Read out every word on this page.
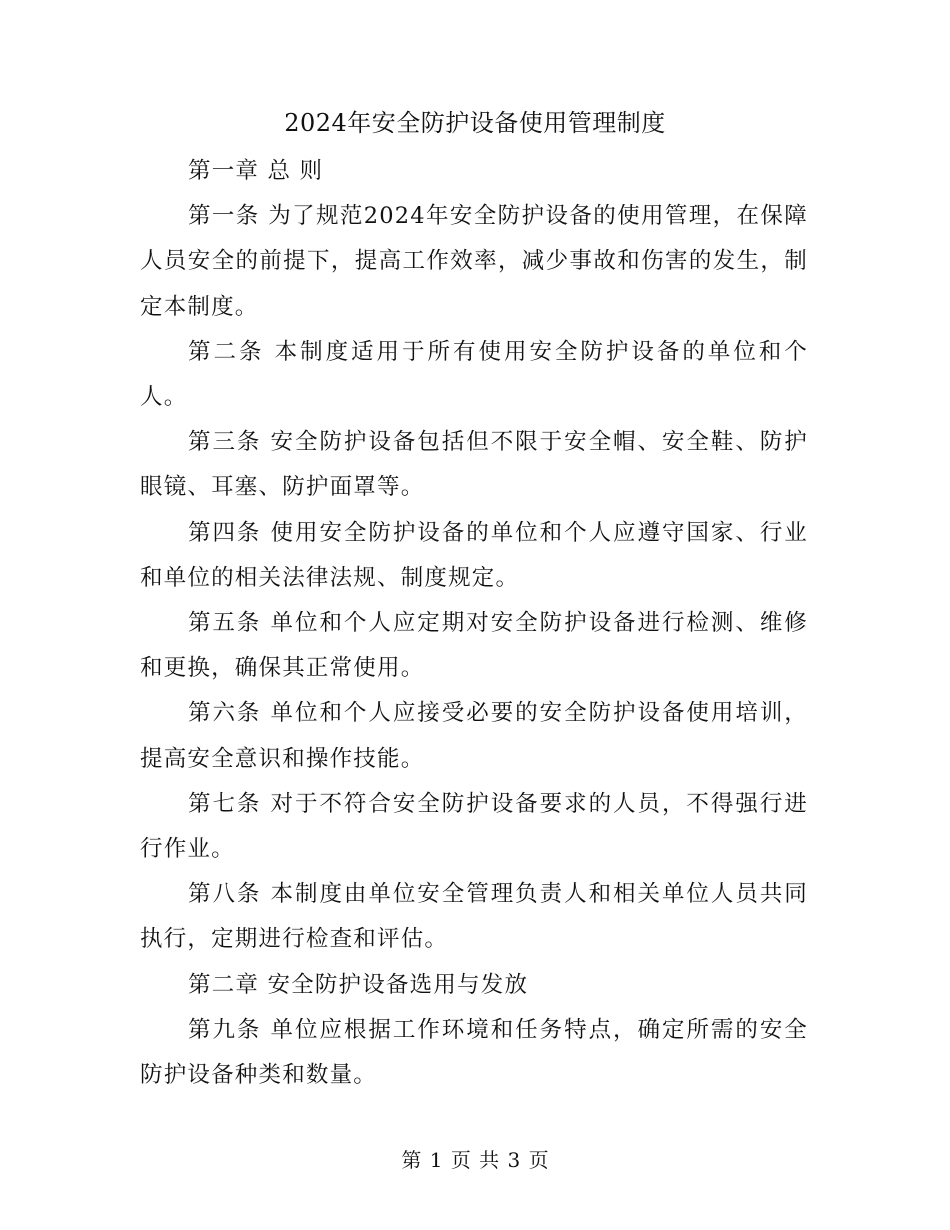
2024年安全防护设备使用管理制度

第一章 总 则

第一条 为了规范2024年安全防护设备的使用管理，在保障人员安全的前提下，提高工作效率，减少事故和伤害的发生，制定本制度。

第二条 本制度适用于所有使用安全防护设备的单位和个人。

第三条 安全防护设备包括但不限于安全帽、安全鞋、防护眼镜、耳塞、防护面罩等。

第四条 使用安全防护设备的单位和个人应遵守国家、行业和单位的相关法律法规、制度规定。

第五条 单位和个人应定期对安全防护设备进行检测、维修和更换，确保其正常使用。

第六条 单位和个人应接受必要的安全防护设备使用培训，提高安全意识和操作技能。

第七条 对于不符合安全防护设备要求的人员，不得强行进行作业。

第八条 本制度由单位安全管理负责人和相关单位人员共同执行，定期进行检查和评估。

第二章 安全防护设备选用与发放

第九条 单位应根据工作环境和任务特点，确定所需的安全防护设备种类和数量。

第 1 页 共 3 页
